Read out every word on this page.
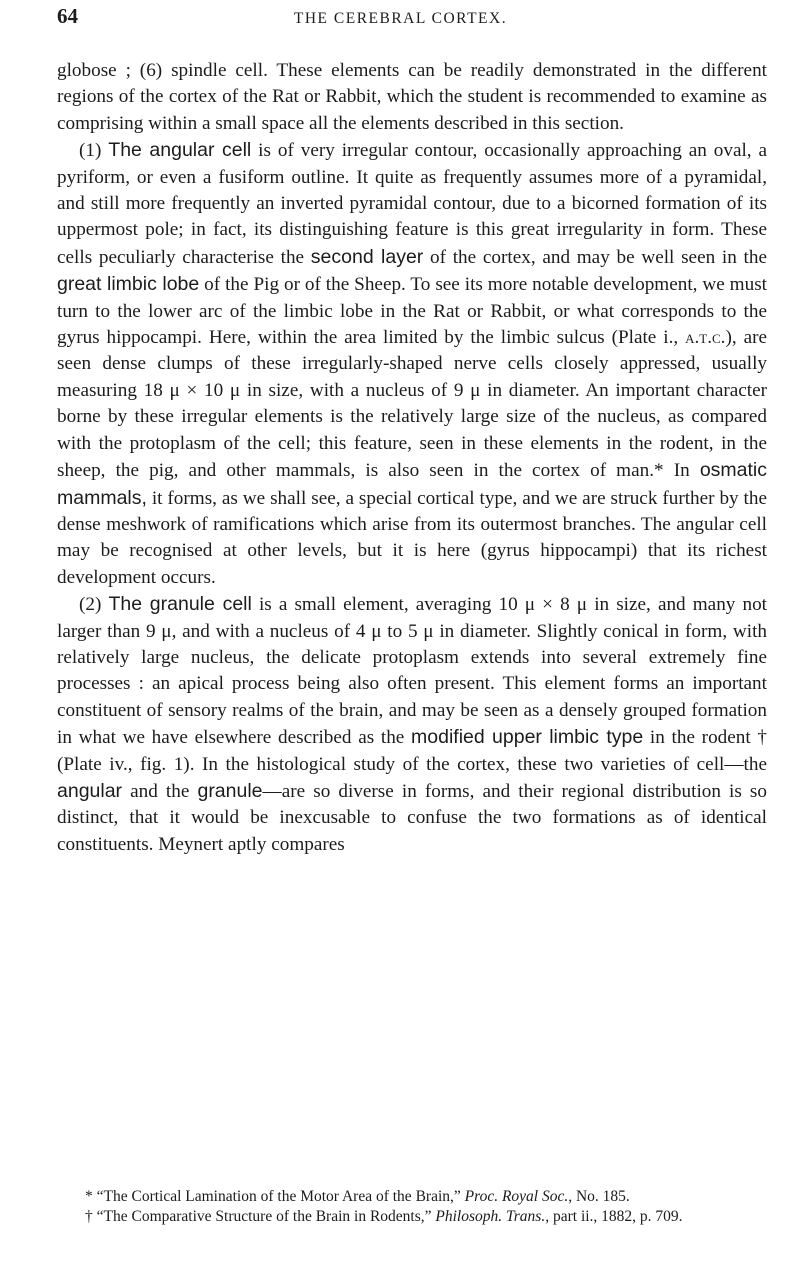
64	THE CEREBRAL CORTEX.

globose ; (6) spindle cell. These elements can be readily demonstrated in the different regions of the cortex of the Rat or Rabbit, which the student is recommended to examine as comprising within a small space all the elements described in this section.

(1) The angular cell is of very irregular contour, occasionally approaching an oval, a pyriform, or even a fusiform outline. It quite as frequently assumes more of a pyramidal, and still more frequently an inverted pyramidal contour, due to a bicorned formation of its uppermost pole; in fact, its distinguishing feature is this great irregularity in form. These cells peculiarly characterise the second layer of the cortex, and may be well seen in the great limbic lobe of the Pig or of the Sheep. To see its more notable development, we must turn to the lower arc of the limbic lobe in the Rat or Rabbit, or what corresponds to the gyrus hippocampi. Here, within the area limited by the limbic sulcus (Plate i., a.t.c.), are seen dense clumps of these irregularly-shaped nerve cells closely appressed, usually measuring 18 μ × 10 μ in size, with a nucleus of 9 μ in diameter. An important character borne by these irregular elements is the relatively large size of the nucleus, as compared with the protoplasm of the cell; this feature, seen in these elements in the rodent, in the sheep, the pig, and other mammals, is also seen in the cortex of man.* In osmatic mammals, it forms, as we shall see, a special cortical type, and we are struck further by the dense meshwork of ramifications which arise from its outermost branches. The angular cell may be recognised at other levels, but it is here (gyrus hippocampi) that its richest development occurs.

(2) The granule cell is a small element, averaging 10 μ × 8 μ in size, and many not larger than 9 μ, and with a nucleus of 4 μ to 5 μ in diameter. Slightly conical in form, with relatively large nucleus, the delicate protoplasm extends into several extremely fine processes : an apical process being also often present. This element forms an important constituent of sensory realms of the brain, and may be seen as a densely grouped formation in what we have elsewhere described as the modified upper limbic type in the rodent † (Plate iv., fig. 1). In the histological study of the cortex, these two varieties of cell—the angular and the granule—are so diverse in forms, and their regional distribution is so distinct, that it would be inexcusable to confuse the two formations as of identical constituents. Meynert aptly compares

* “The Cortical Lamination of the Motor Area of the Brain,” Proc. Royal Soc., No. 185.

† “The Comparative Structure of the Brain in Rodents,” Philosoph. Trans., part ii., 1882, p. 709.
